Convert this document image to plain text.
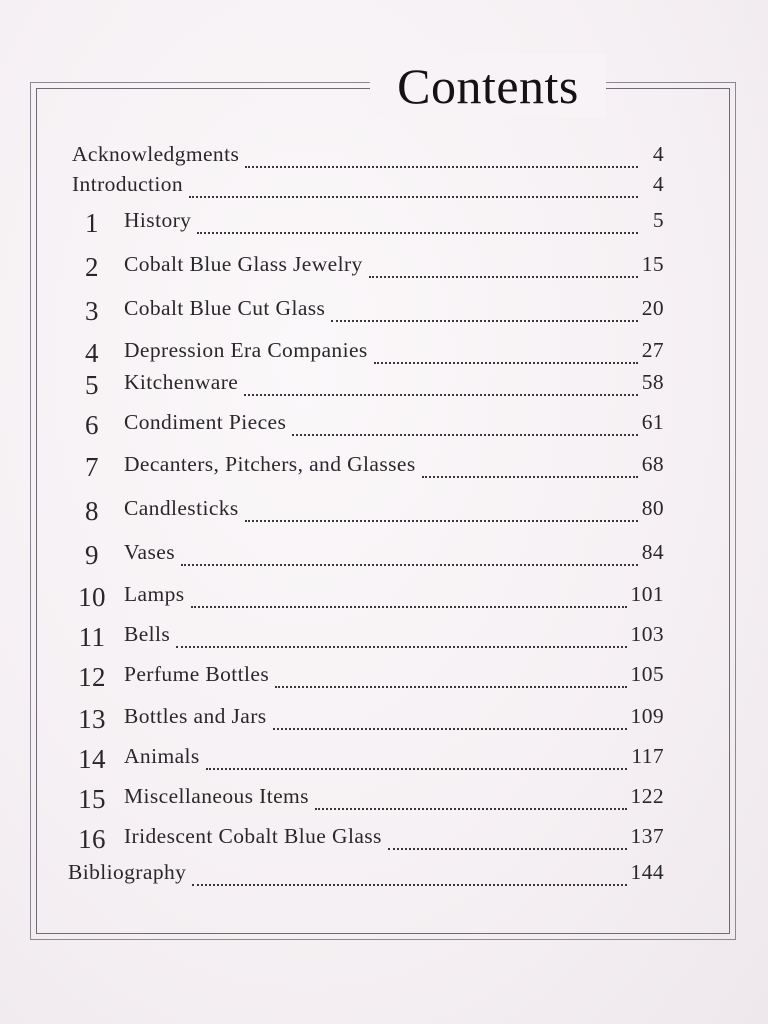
Contents
Acknowledgments	4
Introduction	4
1	History	5
2	Cobalt Blue Glass Jewelry	15
3	Cobalt Blue Cut Glass	20
4	Depression Era Companies	27
5	Kitchenware	58
6	Condiment Pieces	61
7	Decanters, Pitchers, and Glasses	68
8	Candlesticks	80
9	Vases	84
10 Lamps	101
11 Bells	103
12 Perfume Bottles	105
13 Bottles and Jars	109
14 Animals	117
15 Miscellaneous Items	122
16 Iridescent Cobalt Blue Glass	137
Bibliography	144
